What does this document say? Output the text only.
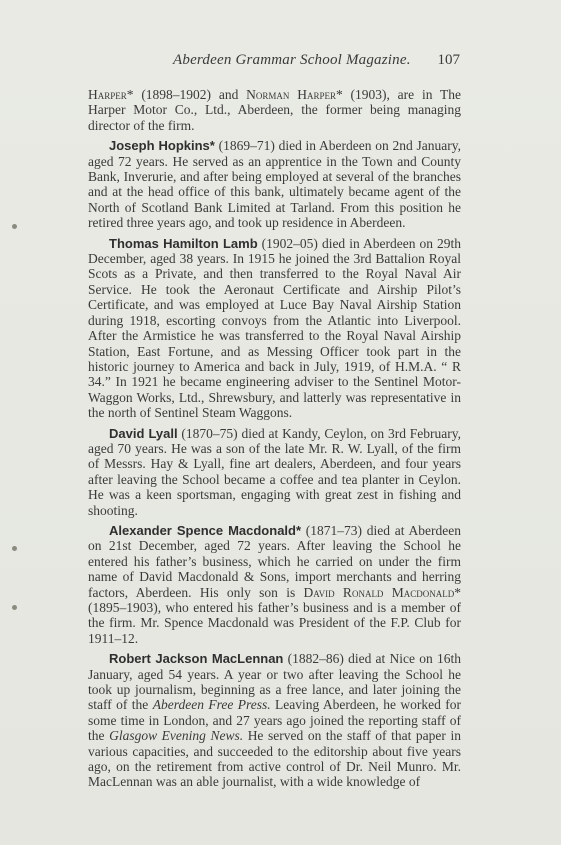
Aberdeen Grammar School Magazine. 107

Harper* (1898–1902) and Norman Harper* (1903), are in The Harper Motor Co., Ltd., Aberdeen, the former being managing director of the firm.

Joseph Hopkins* (1869–71) died in Aberdeen on 2nd January, aged 72 years. He served as an apprentice in the Town and County Bank, Inverurie, and after being employed at several of the branches and at the head office of this bank, ultimately became agent of the North of Scotland Bank Limited at Tarland. From this position he retired three years ago, and took up residence in Aberdeen.

Thomas Hamilton Lamb (1902–05) died in Aberdeen on 29th December, aged 38 years. In 1915 he joined the 3rd Battalion Royal Scots as a Private, and then transferred to the Royal Naval Air Service. He took the Aeronaut Certificate and Airship Pilot’s Certificate, and was employed at Luce Bay Naval Airship Station during 1918, escorting convoys from the Atlantic into Liverpool. After the Armistice he was transferred to the Royal Naval Airship Station, East Fortune, and as Messing Officer took part in the historic journey to America and back in July, 1919, of H.M.A. “ R 34.” In 1921 he became engineering adviser to the Sentinel Motor-Waggon Works, Ltd., Shrewsbury, and latterly was representative in the north of Sentinel Steam Waggons.

David Lyall (1870–75) died at Kandy, Ceylon, on 3rd February, aged 70 years. He was a son of the late Mr. R. W. Lyall, of the firm of Messrs. Hay & Lyall, fine art dealers, Aberdeen, and four years after leaving the School became a coffee and tea planter in Ceylon. He was a keen sportsman, engaging with great zest in fishing and shooting.

Alexander Spence Macdonald* (1871–73) died at Aberdeen on 21st December, aged 72 years. After leaving the School he entered his father’s business, which he carried on under the firm name of David Macdonald & Sons, import merchants and herring factors, Aberdeen. His only son is David Ronald Macdonald* (1895–1903), who entered his father’s business and is a member of the firm. Mr. Spence Macdonald was President of the F.P. Club for 1911–12.

Robert Jackson MacLennan (1882–86) died at Nice on 16th January, aged 54 years. A year or two after leaving the School he took up journalism, beginning as a free lance, and later joining the staff of the Aberdeen Free Press. Leaving Aberdeen, he worked for some time in London, and 27 years ago joined the reporting staff of the Glasgow Evening News. He served on the staff of that paper in various capacities, and succeeded to the editorship about five years ago, on the retirement from active control of Dr. Neil Munro. Mr. MacLennan was an able journalist, with a wide knowledge of
